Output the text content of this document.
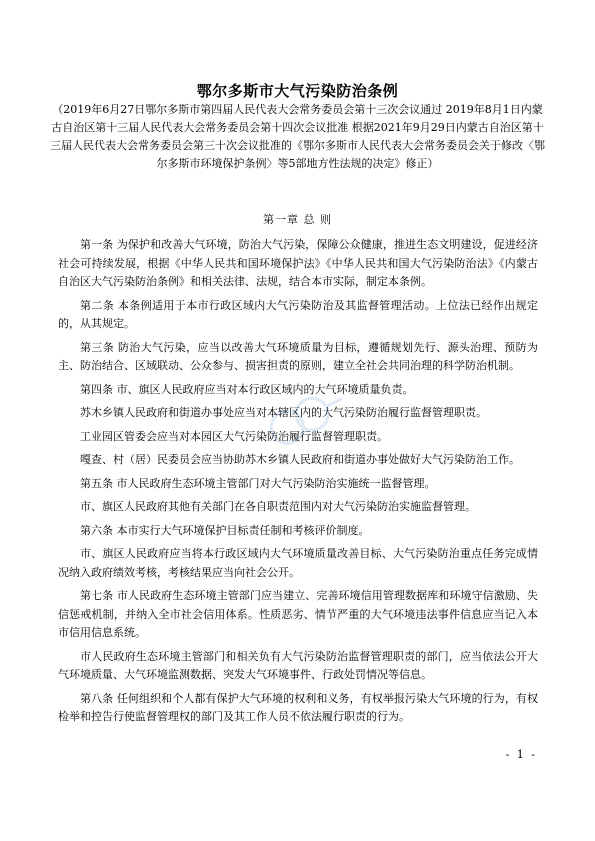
鄂尔多斯市大气污染防治条例
（2019年6月27日鄂尔多斯市第四届人民代表大会常务委员会第十三次会议通过 2019年8月1日内蒙古自治区第十三届人民代表大会常务委员会第十四次会议批准 根据2021年9月29日内蒙古自治区第十三届人民代表大会常务委员会第三十次会议批准的《鄂尔多斯市人民代表大会常务委员会关于修改〈鄂尔多斯市环境保护条例〉等5部地方性法规的决定》修正）
第一章 总 则

第一条 为保护和改善大气环境，防治大气污染，保障公众健康，推进生态文明建设，促进经济社会可持续发展，根据《中华人民共和国环境保护法》《中华人民共和国大气污染防治法》《内蒙古自治区大气污染防治条例》和相关法律、法规，结合本市实际，制定本条例。

第二条 本条例适用于本市行政区域内大气污染防治及其监督管理活动。上位法已经作出规定的，从其规定。

第三条 防治大气污染，应当以改善大气环境质量为目标，遵循规划先行、源头治理、预防为主、防治结合、区域联动、公众参与、损害担责的原则，建立全社会共同治理的科学防治机制。

第四条 市、旗区人民政府应当对本行政区域内的大气环境质量负责。

苏木乡镇人民政府和街道办事处应当对本辖区内的大气污染防治履行监督管理职责。

工业园区管委会应当对本园区大气污染防治履行监督管理职责。

嘎查、村（居）民委员会应当协助苏木乡镇人民政府和街道办事处做好大气污染防治工作。

第五条 市人民政府生态环境主管部门对大气污染防治实施统一监督管理。

市、旗区人民政府其他有关部门在各自职责范围内对大气污染防治实施监督管理。

第六条 本市实行大气环境保护目标责任制和考核评价制度。

市、旗区人民政府应当将本行政区域内大气环境质量改善目标、大气污染防治重点任务完成情况纳入政府绩效考核，考核结果应当向社会公开。

第七条 市人民政府生态环境主管部门应当建立、完善环境信用管理数据库和环境守信激励、失信惩戒机制，并纳入全市社会信用体系。性质恶劣、情节严重的大气环境违法事件信息应当记入本市信用信息系统。

市人民政府生态环境主管部门和相关负有大气污染防治监督管理职责的部门，应当依法公开大气环境质量、大气环境监测数据、突发大气环境事件、行政处罚情况等信息。

第八条 任何组织和个人都有保护大气环境的权利和义务，有权举报污染大气环境的行为，有权检举和控告行使监督管理权的部门及其工作人员不依法履行职责的行为。

- 1 -
